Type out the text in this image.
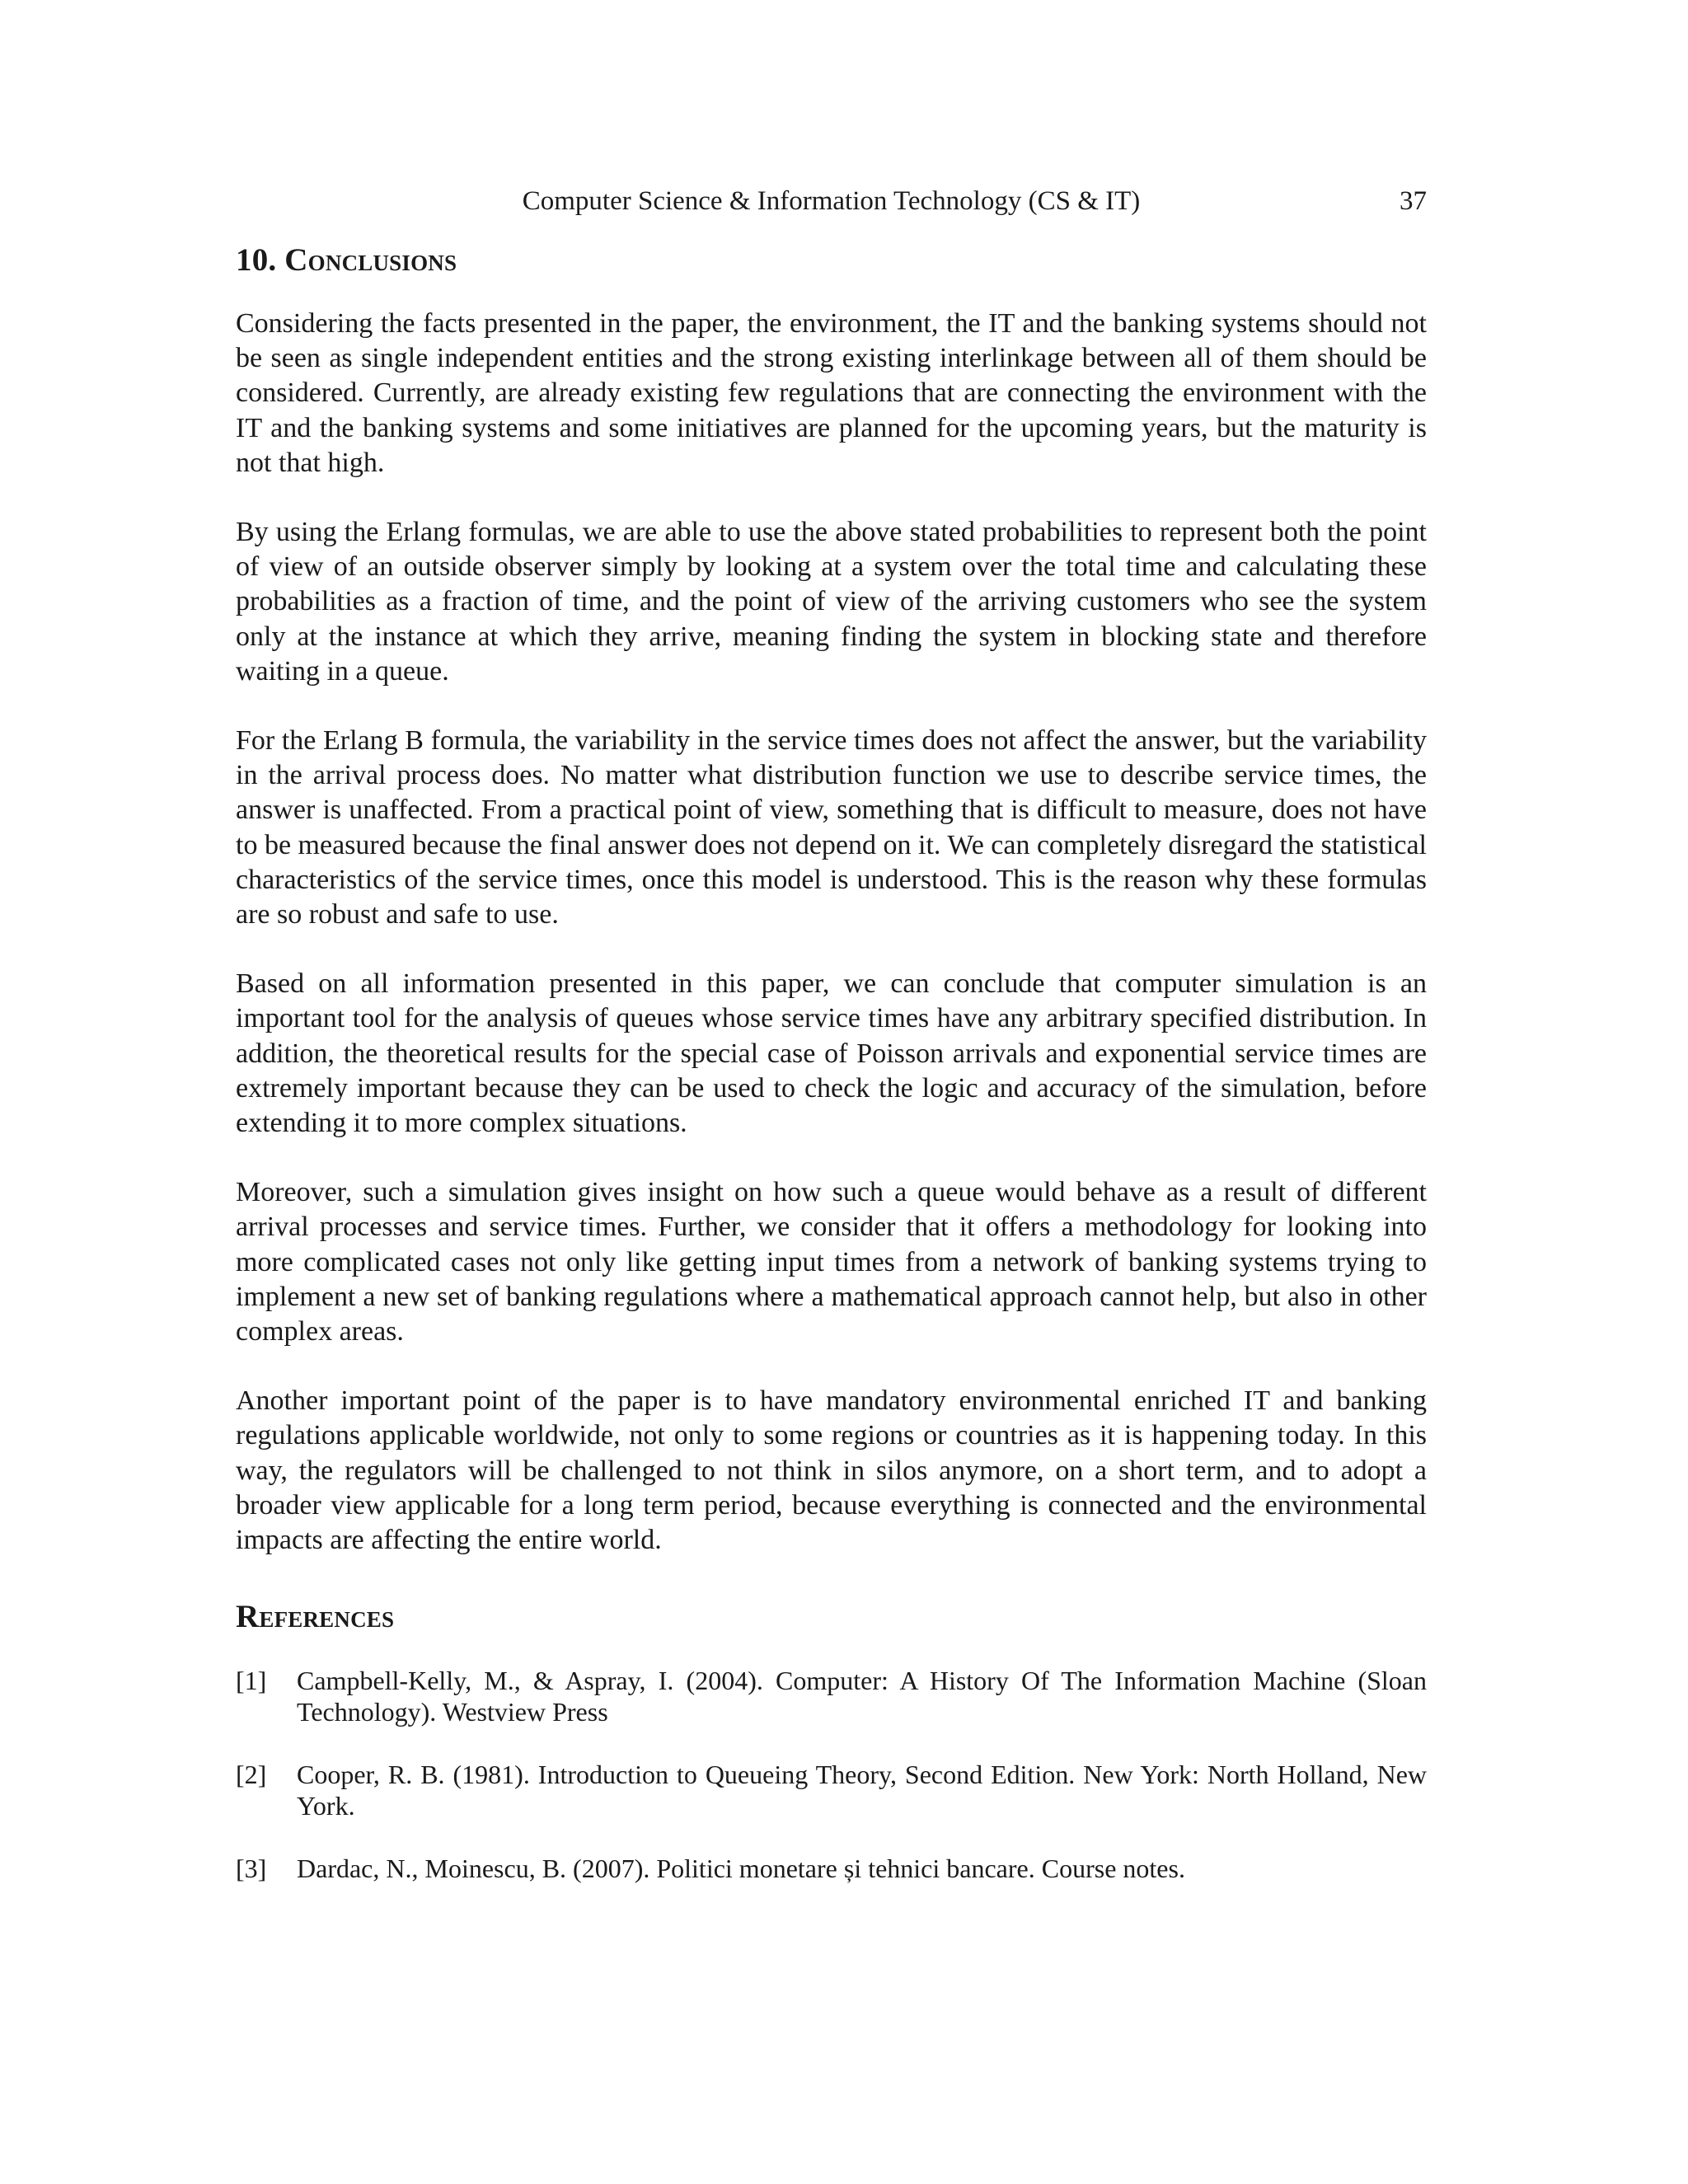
Computer Science & Information Technology (CS & IT)	37
10. Conclusions

Considering the facts presented in the paper, the environment, the IT and the banking systems should not be seen as single independent entities and the strong existing interlinkage between all of them should be considered. Currently, are already existing few regulations that are connecting the environment with the IT and the banking systems and some initiatives are planned for the upcoming years, but the maturity is not that high.

By using the Erlang formulas, we are able to use the above stated probabilities to represent both the point of view of an outside observer simply by looking at a system over the total time and calculating these probabilities as a fraction of time, and the point of view of the arriving customers who see the system only at the instance at which they arrive, meaning finding the system in blocking state and therefore waiting in a queue.

For the Erlang B formula, the variability in the service times does not affect the answer, but the variability in the arrival process does. No matter what distribution function we use to describe service times, the answer is unaffected. From a practical point of view, something that is difficult to measure, does not have to be measured because the final answer does not depend on it. We can completely disregard the statistical characteristics of the service times, once this model is understood. This is the reason why these formulas are so robust and safe to use.

Based on all information presented in this paper, we can conclude that computer simulation is an important tool for the analysis of queues whose service times have any arbitrary specified distribution. In addition, the theoretical results for the special case of Poisson arrivals and exponential service times are extremely important because they can be used to check the logic and accuracy of the simulation, before extending it to more complex situations.

Moreover, such a simulation gives insight on how such a queue would behave as a result of different arrival processes and service times. Further, we consider that it offers a methodology for looking into more complicated cases not only like getting input times from a network of banking systems trying to implement a new set of banking regulations where a mathematical approach cannot help, but also in other complex areas.

Another important point of the paper is to have mandatory environmental enriched IT and banking regulations applicable worldwide, not only to some regions or countries as it is happening today. In this way, the regulators will be challenged to not think in silos anymore, on a short term, and to adopt a broader view applicable for a long term period, because everything is connected and the environmental impacts are affecting the entire world.

References
[1]	Campbell-Kelly, M., & Aspray, I. (2004). Computer: A History Of The Information Machine (Sloan Technology). Westview Press
[2]	Cooper, R. B. (1981). Introduction to Queueing Theory, Second Edition. New York: North Holland, New York.
[3]	Dardac, N., Moinescu, B. (2007). Politici monetare și tehnici bancare. Course notes.
